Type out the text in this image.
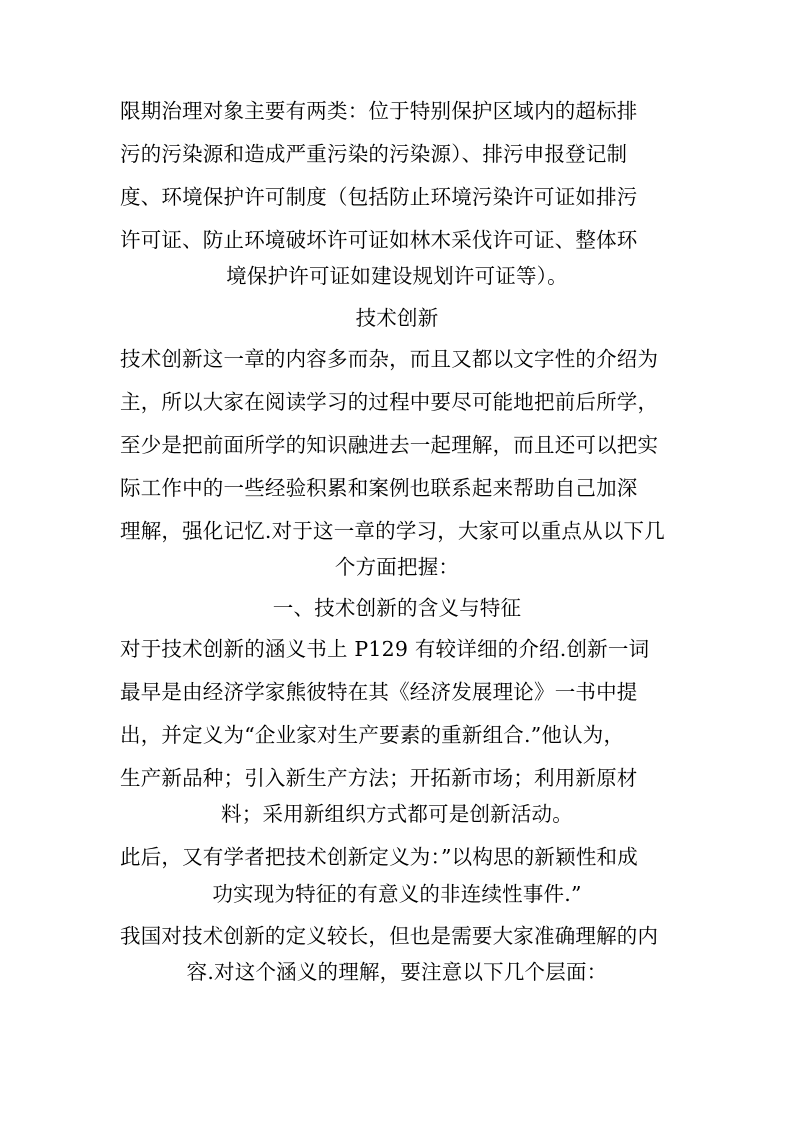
限期治理对象主要有两类：位于特别保护区域内的超标排
污的污染源和造成严重污染的污染源）、排污申报登记制
度、环境保护许可制度（包括防止环境污染许可证如排污
许可证、防止环境破坏许可证如林木采伐许可证、整体环
境保护许可证如建设规划许可证等）。
技术创新
技术创新这一章的内容多而杂，而且又都以文字性的介绍为
主，所以大家在阅读学习的过程中要尽可能地把前后所学，
至少是把前面所学的知识融进去一起理解，而且还可以把实
际工作中的一些经验积累和案例也联系起来帮助自己加深
理解，强化记忆.对于这一章的学习，大家可以重点从以下几
个方面把握：
一、技术创新的含义与特征
对于技术创新的涵义书上 P129 有较详细的介绍.创新一词
最早是由经济学家熊彼特在其《经济发展理论》一书中提
出，并定义为“企业家对生产要素的重新组合.”他认为，
生产新品种；引入新生产方法；开拓新市场；利用新原材
料；采用新组织方式都可是创新活动。
此后，又有学者把技术创新定义为：”以构思的新颖性和成
功实现为特征的有意义的非连续性事件.”
我国对技术创新的定义较长，但也是需要大家准确理解的内
容.对这个涵义的理解，要注意以下几个层面：
